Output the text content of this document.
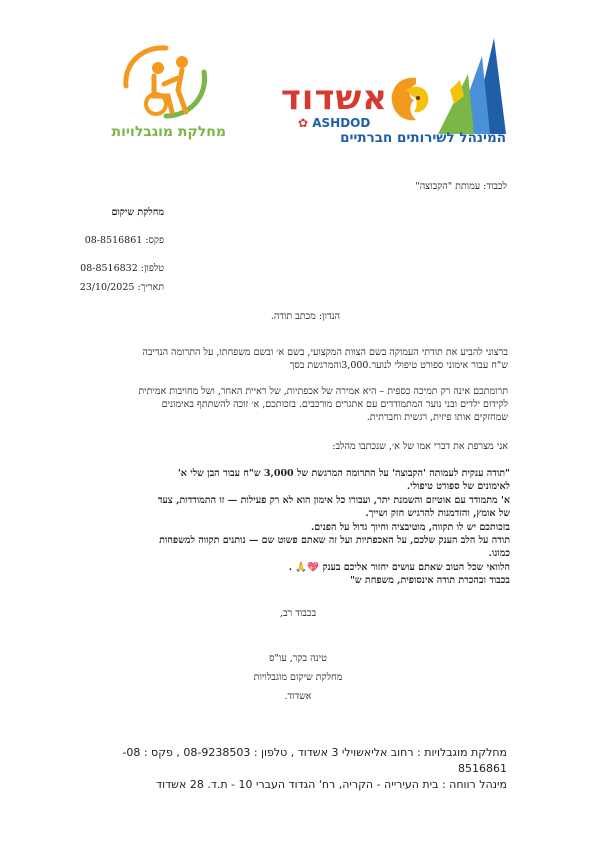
אשדוד
✿ ASHDOD
המינהל לשירותים חברתיים
מחלקת מוגבלויות
לכבוד: עמותת "הקבוצה"
מחלקת שיקום
פקס: 08-8516861
טלפון: 08-8516832
תאריך: 23/10/2025
הנדון: מכתב תודה.
ברצוני להביע את תודתי העמוקה בשם הצוות המקצועי, בשם א׳ ובשם משפחתו, על התרומה הנדיבה
ש"ח עבור אימוני ספורט טיפולי לנוער.3,000והמרגשת בסך
תרומתכם אינה רק תמיכה כספית – היא אמירה של אכפתיות, של ראיית האחר, ושל מחויבות אמיתית
לקידום ילדים ובני נוער המתמודדים עם אתגרים מורכבים. בזכותכם, א׳ זוכה להשתתף באימונים
שמחזקים אותו פיזית, רגשית וחברתית.
אני מצרפת את דברי אמו של א׳, שנכתבו מהלב:
"תודה ענקית לעמותה 'הקבוצה' על התרומה המרגשת של 3,000 ש"ח עבור הבן שלי א'
לאימונים של ספורט טיפולי.
א' מתמודד עם אוטיזם והשמנת יתר, ועבורו כל אימון הוא לא רק פעילות — זו התמודדות, צעד
של אומץ, והזדמנות להרגיש חזק ושייך.
בזכותכם יש לו תקווה, מוטיבציה וחיוך גדול על הפנים.
תודה על הלב הענק שלכם, על האכפתיות ועל זה שאתם פשוט שם — נותנים תקווה למשפחות
כמונו.
הלוואי שכל הטוב שאתם עושים יחזור אליכם בענק 💖🙏 .
בכבוד ובהכרת תודה אינסופית, משפחת ש"
בכבוד רב,
טינה בקר, עו"ס
מחלקת שיקום מוגבלויות
אשדוד.
מחלקת מוגבלויות : רחוב אליאשוילי 3 אשדוד , טלפון : 08-9238503 , פקס : 08-
8516861
מינהל רווחה : בית העירייה - הקריה, רח' הגדוד העברי 10 - ת.ד. 28 אשדוד
